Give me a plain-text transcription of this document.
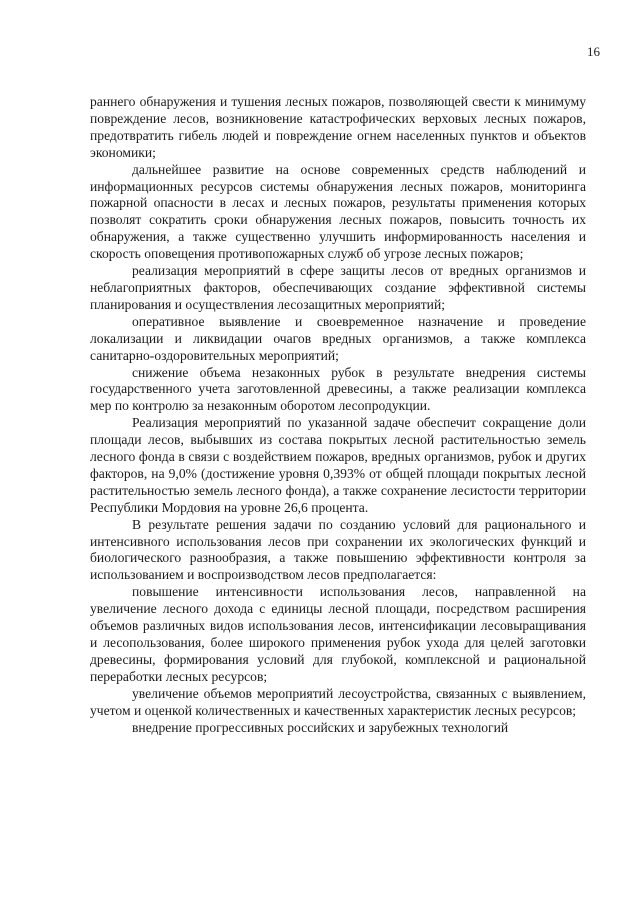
16

раннего обнаружения и тушения лесных пожаров, позволяющей свести к минимуму повреждение лесов, возникновение катастрофических верховых лесных пожаров, предотвратить гибель людей и повреждение огнем населенных пунктов и объектов экономики;

дальнейшее развитие на основе современных средств наблюдений и информационных ресурсов системы обнаружения лесных пожаров, мониторинга пожарной опасности в лесах и лесных пожаров, результаты применения которых позволят сократить сроки обнаружения лесных пожаров, повысить точность их обнаружения, а также существенно улучшить информированность населения и скорость оповещения противопожарных служб об угрозе лесных пожаров;

реализация мероприятий в сфере защиты лесов от вредных организмов и неблагоприятных факторов, обеспечивающих создание эффективной системы планирования и осуществления лесозащитных мероприятий;

оперативное выявление и своевременное назначение и проведение локализации и ликвидации очагов вредных организмов, а также комплекса санитарно-оздоровительных мероприятий;

снижение объема незаконных рубок в результате внедрения системы государственного учета заготовленной древесины, а также реализации комплекса мер по контролю за незаконным оборотом лесопродукции.

Реализация мероприятий по указанной задаче обеспечит сокращение доли площади лесов, выбывших из состава покрытых лесной растительностью земель лесного фонда в связи с воздействием пожаров, вредных организмов, рубок и других факторов, на 9,0% (достижение уровня 0,393% от общей площади покрытых лесной растительностью земель лесного фонда), а также сохранение лесистости территории Республики Мордовия на уровне 26,6 процента.

В результате решения задачи по созданию условий для рационального и интенсивного использования лесов при сохранении их экологических функций и биологического разнообразия, а также повышению эффективности контроля за использованием и воспроизводством лесов предполагается:

повышение интенсивности использования лесов, направленной на увеличение лесного дохода с единицы лесной площади, посредством расширения объемов различных видов использования лесов, интенсификации лесовыращивания и лесопользования, более широкого применения рубок ухода для целей заготовки древесины, формирования условий для глубокой, комплексной и рациональной переработки лесных ресурсов;

увеличение объемов мероприятий лесоустройства, связанных с выявлением, учетом и оценкой количественных и качественных характеристик лесных ресурсов;

внедрение прогрессивных российских и зарубежных технологий
